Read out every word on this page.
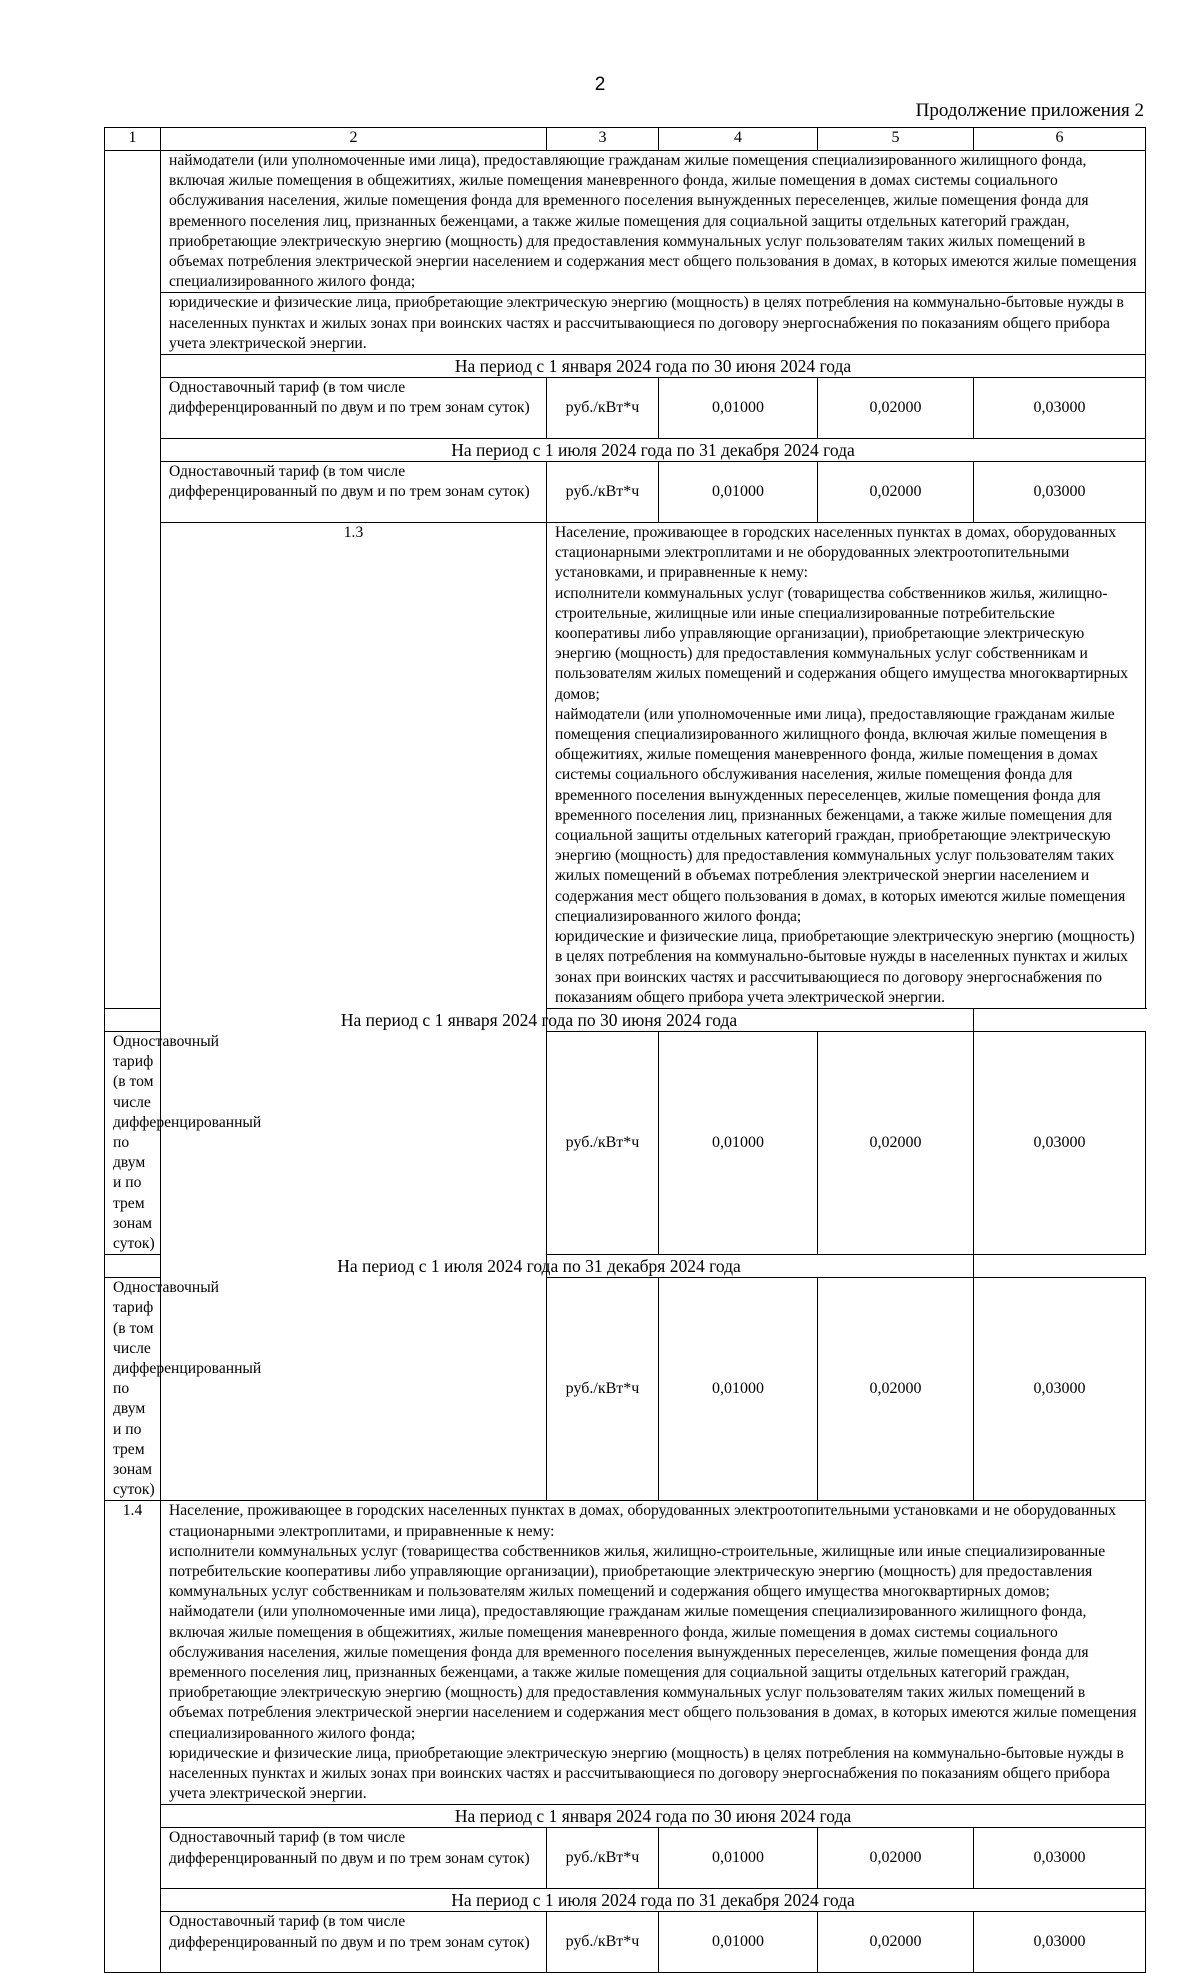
2
Продолжение приложения 2
1	2	3	4	5	6
	наймодатели (или уполномоченные ими лица), предоставляющие гражданам жилые помещения специализированного жилищного фонда, включая жилые помещения в общежитиях, жилые помещения маневренного фонда, жилые помещения в домах системы социального обслуживания населения, жилые помещения фонда для временного поселения вынужденных переселенцев, жилые помещения фонда для временного поселения лиц, признанных беженцами, а также жилые помещения для социальной защиты отдельных категорий граждан, приобретающие электрическую энергию (мощность) для предоставления коммунальных услуг пользователям таких жилых помещений в объемах потребления электрической энергии населением и содержания мест общего пользования в домах, в которых имеются жилые помещения специализированного жилого фонда;				
	юридические и физические лица, приобретающие электрическую энергию (мощность) в целях потребления на коммунально-бытовые нужды в населенных пунктах и жилых зонах при воинских частях и рассчитывающиеся по договору энергоснабжения по показаниям общего прибора учета электрической энергии.				
	На период с 1 января 2024 года по 30 июня 2024 года				
	Одноставочный тариф (в том числе дифференцированный по двум и по трем зонам суток)	руб./кВт*ч	0,01000	0,02000	0,03000
	На период с 1 июля 2024 года по 31 декабря 2024 года				
	Одноставочный тариф (в том числе дифференцированный по двум и по трем зонам суток)	руб./кВт*ч	0,01000	0,02000	0,03000
	1.3	Население, проживающее в городских населенных пунктах в домах, оборудованных стационарными электроплитами и не оборудованных электроотопительными установками, и приравненные к нему:
исполнители коммунальных услуг (товарищества собственников жилья, жилищно-строительные, жилищные или иные специализированные потребительские кооперативы либо управляющие организации), приобретающие электрическую энергию (мощность) для предоставления коммунальных услуг собственникам и пользователям жилых помещений и содержания общего имущества многоквартирных домов;
наймодатели (или уполномоченные ими лица), предоставляющие гражданам жилые помещения специализированного жилищного фонда, включая жилые помещения в общежитиях, жилые помещения маневренного фонда, жилые помещения в домах системы социального обслуживания населения, жилые помещения фонда для временного поселения вынужденных переселенцев, жилые помещения фонда для временного поселения лиц, признанных беженцами, а также жилые помещения для социальной защиты отдельных категорий граждан, приобретающие электрическую энергию (мощность) для предоставления коммунальных услуг пользователям таких жилых помещений в объемах потребления электрической энергии населением и содержания мест общего пользования в домах, в которых имеются жилые помещения специализированного жилого фонда;
юридические и физические лица, приобретающие электрическую энергию (мощность) в целях потребления на коммунально-бытовые нужды в населенных пунктах и жилых зонах при воинских частях и рассчитывающиеся по договору энергоснабжения по показаниям общего прибора учета электрической энергии.			

На период с 1 января 2024 года по 30 июня 2024 года					
Одноставочный тариф (в том числе дифференцированный по двум и по трем зонам суток)		руб./кВт*ч	0,01000	0,02000	0,03000
На период с 1 июля 2024 года по 31 декабря 2024 года					
Одноставочный тариф (в том числе дифференцированный по двум и по трем зонам суток)		руб./кВт*ч	0,01000	0,02000	0,03000
1.4	Население, проживающее в городских населенных пунктах в домах, оборудованных электроотопительными установками и не оборудованных стационарными электроплитами, и приравненные к нему:
исполнители коммунальных услуг (товарищества собственников жилья, жилищно-строительные, жилищные или иные специализированные потребительские кооперативы либо управляющие организации), приобретающие электрическую энергию (мощность) для предоставления коммунальных услуг собственникам и пользователям жилых помещений и содержания общего имущества многоквартирных домов;
наймодатели (или уполномоченные ими лица), предоставляющие гражданам жилые помещения специализированного жилищного фонда, включая жилые помещения в общежитиях, жилые помещения маневренного фонда, жилые помещения в домах системы социального обслуживания населения, жилые помещения фонда для временного поселения вынужденных переселенцев, жилые помещения фонда для временного поселения лиц, признанных беженцами, а также жилые помещения для социальной защиты отдельных категорий граждан, приобретающие электрическую энергию (мощность) для предоставления коммунальных услуг пользователям таких жилых помещений в объемах потребления электрической энергии населением и содержания мест общего пользования в домах, в которых имеются жилые помещения специализированного жилого фонда;
юридические и физические лица, приобретающие электрическую энергию (мощность) в целях потребления на коммунально-бытовые нужды в населенных пунктах и жилых зонах при воинских частях и рассчитывающиеся по договору энергоснабжения по показаниям общего прибора учета электрической энергии.				

	На период с 1 января 2024 года по 30 июня 2024 года				
	Одноставочный тариф (в том числе дифференцированный по двум и по трем зонам суток)	руб./кВт*ч	0,01000	0,02000	0,03000
	На период с 1 июля 2024 года по 31 декабря 2024 года				
	Одноставочный тариф (в том числе дифференцированный по двум и по трем зонам суток)	руб./кВт*ч	0,01000	0,02000	0,03000
